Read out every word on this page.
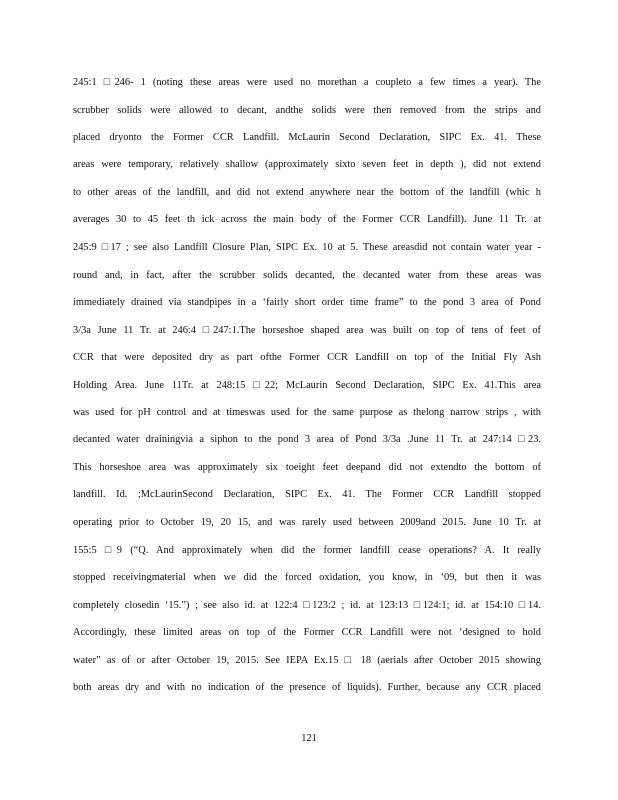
245:1 □246- 1 (noting these areas were used no morethan a coupleto a few times a year). The
scrubber solids were allowed to decant, andthe solids were then removed from the strips and
placed dryonto the Former CCR Landfill. McLaurin Second Declaration, SIPC Ex. 41. These
areas were temporary, relatively shallow (approximately sixto seven feet in depth ), did not extend
to other areas of the landfill, and did not extend anywhere near the bottom of the landfill (whic h
averages 30 to 45 feet th ick across the main body of the Former CCR Landfill). June 11 Tr. at
245:9 □17 ; see also Landfill Closure Plan, SIPC Ex. 10 at 5. These areasdid not contain water year -
round and, in fact, after the scrubber solids decanted, the decanted water from these areas was
immediately drained via standpipes in a ‘fairly short order time frame” to the pond 3 area of Pond
3/3a June 11 Tr. at 246:4 □247:1.The horseshoe shaped area was built on top of tens of feet of
CCR that were deposited dry as part ofthe Former CCR Landfill on top of the Initial Fly Ash
Holding Area. June 11Tr. at 248:15 □22; McLaurin Second Declaration, SIPC Ex. 41.This area
was used for pH control and at timeswas used for the same purpose as thelong narrow strips , with
decanted water drainingvia a siphon to the pond 3 area of Pond 3/3a .June 11 Tr. at 247:14 □23.
This horseshoe area was approximately six toeight feet deepand did not extendto the bottom of
landfill. Id. ;McLaurinSecond Declaration, SIPC Ex. 41. The Former CCR Landfill stopped
operating prior to October 19, 20 15, and was rarely used between 2009and 2015. June 10 Tr. at
155:5 □9 (“Q. And approximately when did the former landfill cease operations? A. It really
stopped receivingmaterial when we did the forced oxidation, you know, in ‘09, but then it was
completely closedin ‘15.”) ; see also id. at 122:4 □123:2 ; id. at 123:13 □124:1; id. at 154:10 □14.
Accordingly, these limited areas on top of the Former CCR Landfill were not ‘designed to hold
water” as of or after October 19, 2015. See IEPA Ex.15 □ 18 (aerials after October 2015 showing
both areas dry and with no indication of the presence of liquids). Further, because any CCR placed
121
